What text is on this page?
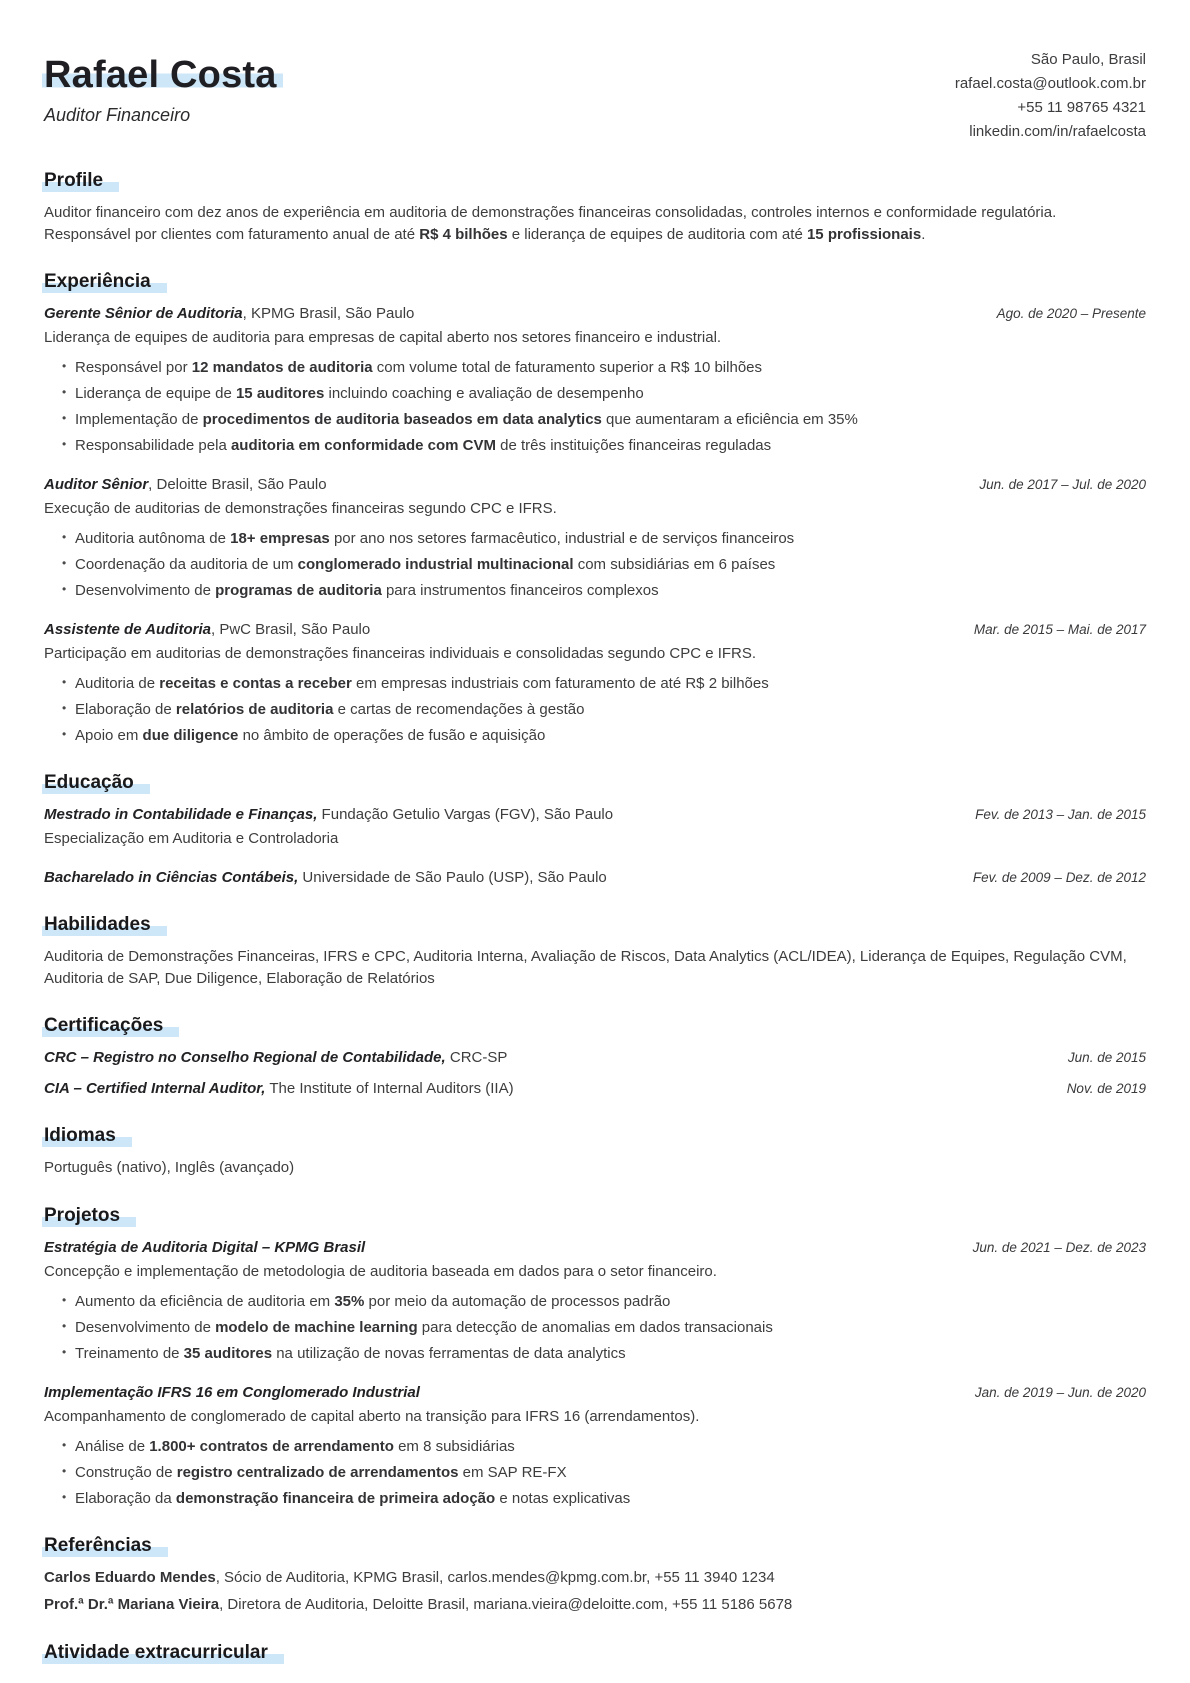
Rafael Costa

Auditor Financeiro

São Paulo, Brasil
rafael.costa@outlook.com.br
+55 11 98765 4321
linkedin.com/in/rafaelcosta
Profile

Auditor financeiro com dez anos de experiência em auditoria de demonstrações financeiras consolidadas, controles internos e conformidade regulatória. Responsável por clientes com faturamento anual de até R$ 4 bilhões e liderança de equipes de auditoria com até 15 profissionais.

Experiência
Gerente Sênior de Auditoria, KPMG Brasil, São Paulo	Ago. de 2020 – Presente

Liderança de equipes de auditoria para empresas de capital aberto nos setores financeiro e industrial.

• Responsável por 12 mandatos de auditoria com volume total de faturamento superior a R$ 10 bilhões
• Liderança de equipe de 15 auditores incluindo coaching e avaliação de desempenho
• Implementação de procedimentos de auditoria baseados em data analytics que aumentaram a eficiência em 35%
• Responsabilidade pela auditoria em conformidade com CVM de três instituições financeiras reguladas
Auditor Sênior, Deloitte Brasil, São Paulo	Jun. de 2017 – Jul. de 2020

Execução de auditorias de demonstrações financeiras segundo CPC e IFRS.

• Auditoria autônoma de 18+ empresas por ano nos setores farmacêutico, industrial e de serviços financeiros
• Coordenação da auditoria de um conglomerado industrial multinacional com subsidiárias em 6 países
• Desenvolvimento de programas de auditoria para instrumentos financeiros complexos
Assistente de Auditoria, PwC Brasil, São Paulo	Mar. de 2015 – Mai. de 2017

Participação em auditorias de demonstrações financeiras individuais e consolidadas segundo CPC e IFRS.

• Auditoria de receitas e contas a receber em empresas industriais com faturamento de até R$ 2 bilhões
• Elaboração de relatórios de auditoria e cartas de recomendações à gestão
• Apoio em due diligence no âmbito de operações de fusão e aquisição
Educação
Mestrado in Contabilidade e Finanças, Fundação Getulio Vargas (FGV), São Paulo	Fev. de 2013 – Jan. de 2015

Especialização em Auditoria e Controladoria

Bacharelado in Ciências Contábeis, Universidade de São Paulo (USP), São Paulo	Fev. de 2009 – Dez. de 2012
Habilidades

Auditoria de Demonstrações Financeiras, IFRS e CPC, Auditoria Interna, Avaliação de Riscos, Data Analytics (ACL/IDEA), Liderança de Equipes, Regulação CVM, Auditoria de SAP, Due Diligence, Elaboração de Relatórios

Certificações
CRC – Registro no Conselho Regional de Contabilidade, CRC-SP	Jun. de 2015
CIA – Certified Internal Auditor, The Institute of Internal Auditors (IIA)	Nov. de 2019
Idiomas

Português (nativo), Inglês (avançado)

Projetos
Estratégia de Auditoria Digital – KPMG Brasil	Jun. de 2021 – Dez. de 2023

Concepção e implementação de metodologia de auditoria baseada em dados para o setor financeiro.

• Aumento da eficiência de auditoria em 35% por meio da automação de processos padrão
• Desenvolvimento de modelo de machine learning para detecção de anomalias em dados transacionais
• Treinamento de 35 auditores na utilização de novas ferramentas de data analytics
Implementação IFRS 16 em Conglomerado Industrial	Jan. de 2019 – Jun. de 2020

Acompanhamento de conglomerado de capital aberto na transição para IFRS 16 (arrendamentos).

• Análise de 1.800+ contratos de arrendamento em 8 subsidiárias
• Construção de registro centralizado de arrendamentos em SAP RE-FX
• Elaboração da demonstração financeira de primeira adoção e notas explicativas
Referências

Carlos Eduardo Mendes, Sócio de Auditoria, KPMG Brasil, carlos.mendes@kpmg.com.br, +55 11 3940 1234

Prof.ª Dr.ª Mariana Vieira, Diretora de Auditoria, Deloitte Brasil, mariana.vieira@deloitte.com, +55 11 5186 5678

Atividade extracurricular
